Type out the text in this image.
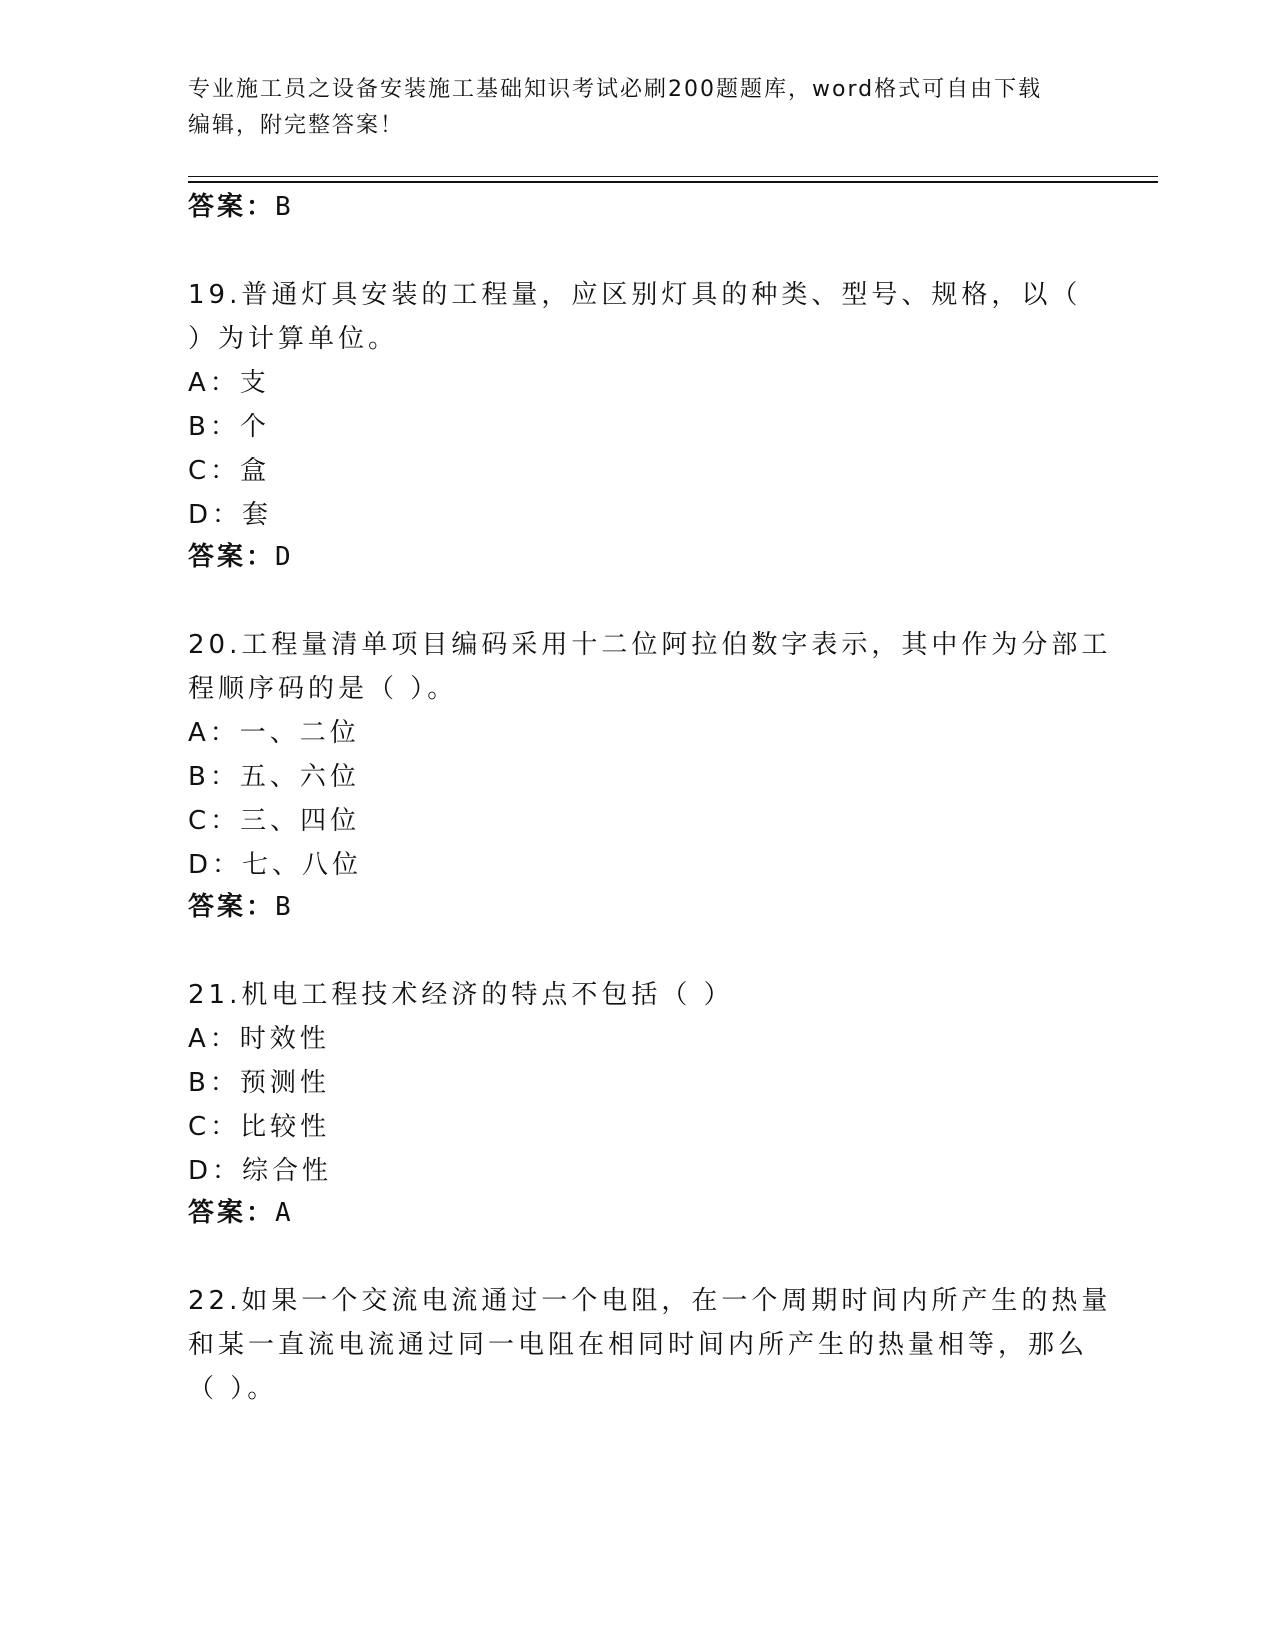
专业施工员之设备安装施工基础知识考试必刷200题题库，word格式可自由下载
编辑，附完整答案！
答案：B
19.普通灯具安装的工程量，应区别灯具的种类、型号、规格，以（
）为计算单位。
A：支
B：个
C：盒
D：套
答案：D
20.工程量清单项目编码采用十二位阿拉伯数字表示，其中作为分部工
程顺序码的是（ ）。
A：一、二位
B：五、六位
C：三、四位
D：七、八位
答案：B
21.机电工程技术经济的特点不包括（ ）
A：时效性
B：预测性
C：比较性
D：综合性
答案：A
22.如果一个交流电流通过一个电阻，在一个周期时间内所产生的热量
和某一直流电流通过同一电阻在相同时间内所产生的热量相等，那么
（ ）。
